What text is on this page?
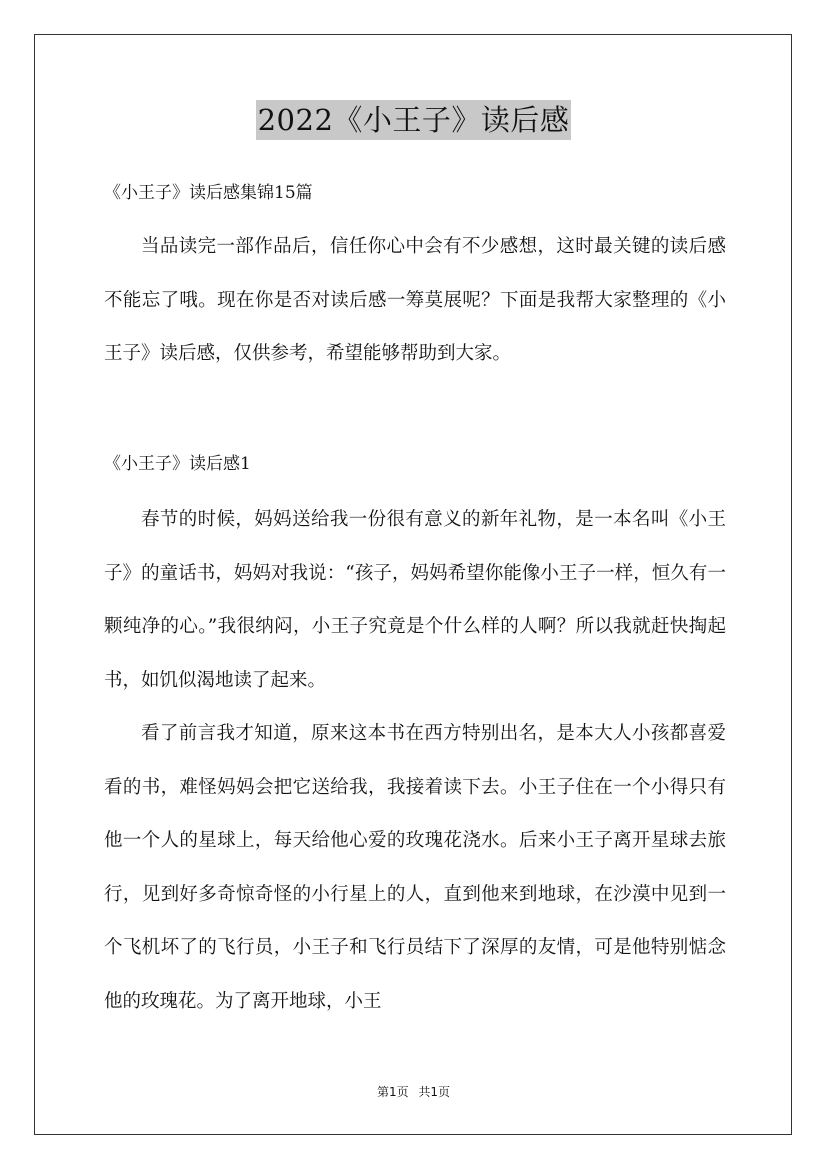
2022《小王子》读后感
《小王子》读后感集锦15篇

当品读完一部作品后，信任你心中会有不少感想，这时最关键的读后感不能忘了哦。现在你是否对读后感一筹莫展呢？下面是我帮大家整理的《小王子》读后感，仅供参考，希望能够帮助到大家。

《小王子》读后感1

春节的时候，妈妈送给我一份很有意义的新年礼物，是一本名叫《小王子》的童话书，妈妈对我说：“孩子，妈妈希望你能像小王子一样，恒久有一颗纯净的心。”我很纳闷，小王子究竟是个什么样的人啊？所以我就赶快掏起书，如饥似渴地读了起来。

看了前言我才知道，原来这本书在西方特别出名，是本大人小孩都喜爱看的书，难怪妈妈会把它送给我，我接着读下去。小王子住在一个小得只有他一个人的星球上，每天给他心爱的玫瑰花浇水。后来小王子离开星球去旅行，见到好多奇惊奇怪的小行星上的人，直到他来到地球，在沙漠中见到一个飞机坏了的飞行员，小王子和飞行员结下了深厚的友情，可是他特别惦念他的玫瑰花。为了离开地球，小王

第1页 共1页
